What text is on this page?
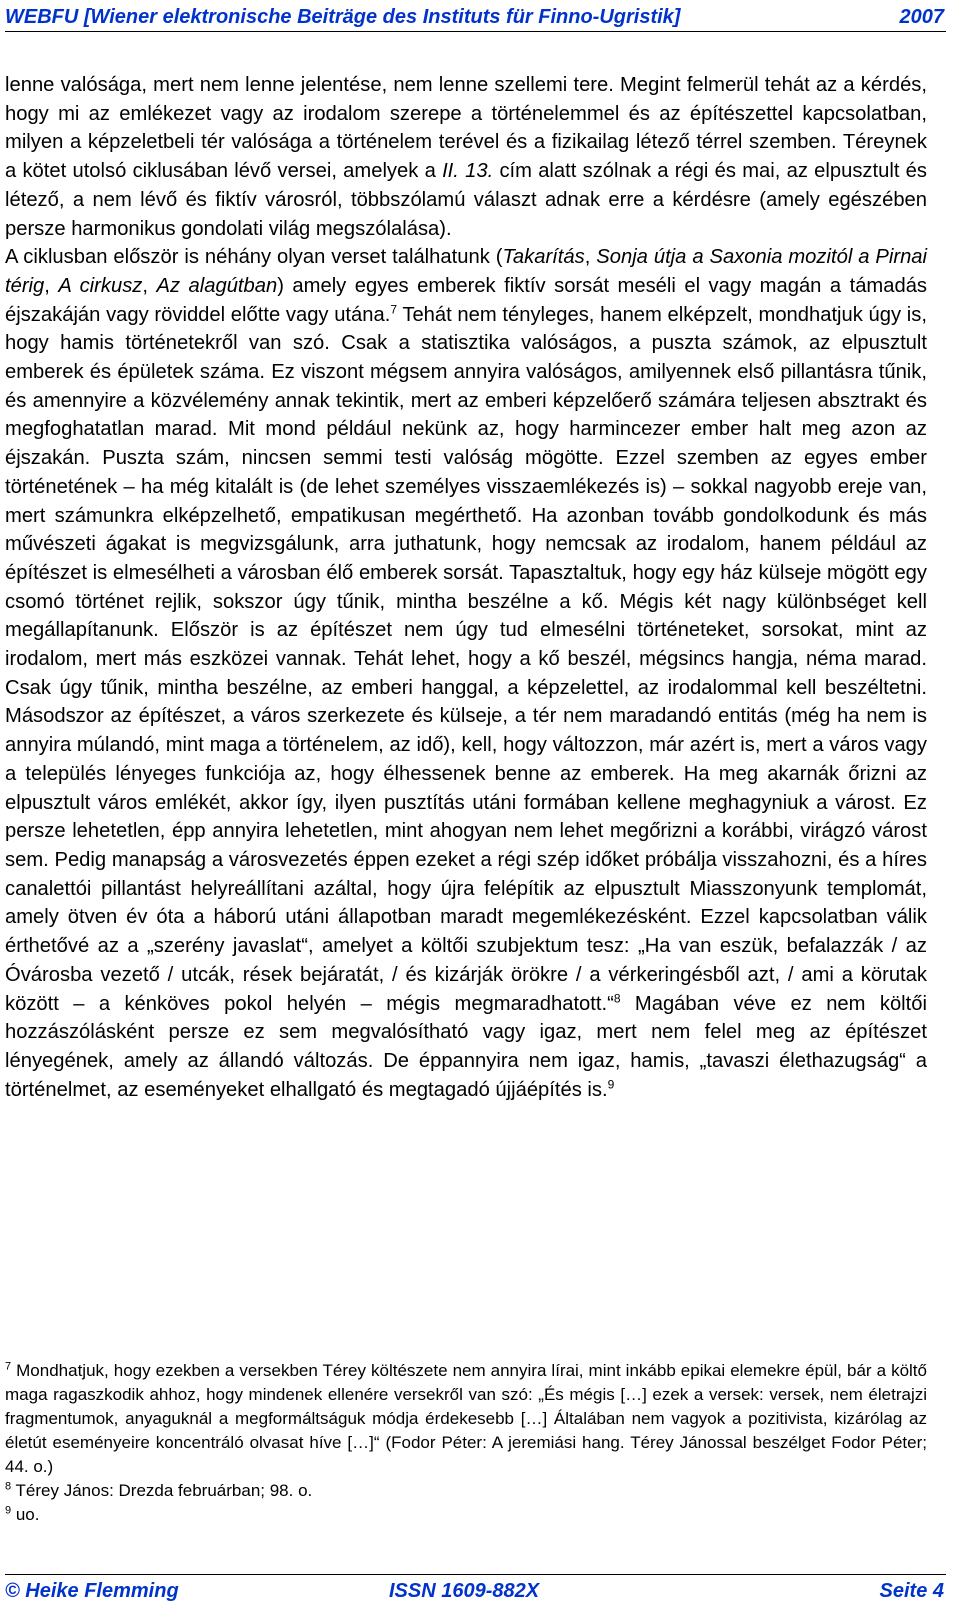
WEBFU [Wiener elektronische Beiträge des Instituts für Finno-Ugristik]	2007

lenne valósága, mert nem lenne jelentése, nem lenne szellemi tere. Megint felmerül tehát az a kérdés, hogy mi az emlékezet vagy az irodalom szerepe a történelemmel és az építészettel kapcsolatban, milyen a képzeletbeli tér valósága a történelem terével és a fizikailag létező térrel szemben. Téreynek a kötet utolsó ciklusában lévő versei, amelyek a II. 13. cím alatt szólnak a régi és mai, az elpusztult és létező, a nem lévő és fiktív városról, többszólamú választ adnak erre a kérdésre (amely egészében persze harmonikus gondolati világ megszólalása).

A ciklusban először is néhány olyan verset találhatunk (Takarítás, Sonja útja a Saxonia mozitól a Pirnai térig, A cirkusz, Az alagútban) amely egyes emberek fiktív sorsát meséli el vagy magán a támadás éjszakáján vagy röviddel előtte vagy utána.$^7$ Tehát nem tényleges, hanem elképzelt, mondhatjuk úgy is, hogy hamis történetekről van szó. Csak a statisztika valóságos, a puszta számok, az elpusztult emberek és épületek száma. Ez viszont mégsem annyira valóságos, amilyennek első pillantásra tűnik, és amennyire a közvélemény annak tekintik, mert az emberi képzelőerő számára teljesen absztrakt és megfoghatatlan marad. Mit mond például nekünk az, hogy harmincezer ember halt meg azon az éjszakán. Puszta szám, nincsen semmi testi valóság mögötte. Ezzel szemben az egyes ember történetének – ha még kitalált is (de lehet személyes visszaemlékezés is) – sokkal nagyobb ereje van, mert számunkra elképzelhető, empatikusan megérthető. Ha azonban tovább gondolkodunk és más művészeti ágakat is megvizsgálunk, arra juthatunk, hogy nemcsak az irodalom, hanem például az építészet is elmesélheti a városban élő emberek sorsát. Tapasztaltuk, hogy egy ház külseje mögött egy csomó történet rejlik, sokszor úgy tűnik, mintha beszélne a kő. Mégis két nagy különbséget kell megállapítanunk. Először is az építészet nem úgy tud elmesélni történeteket, sorsokat, mint az irodalom, mert más eszközei vannak. Tehát lehet, hogy a kő beszél, mégsincs hangja, néma marad. Csak úgy tűnik, mintha beszélne, az emberi hanggal, a képzelettel, az irodalommal kell beszéltetni. Másodszor az építészet, a város szerkezete és külseje, a tér nem maradandó entitás (még ha nem is annyira múlandó, mint maga a történelem, az idő), kell, hogy változzon, már azért is, mert a város vagy a település lényeges funkciója az, hogy élhessenek benne az emberek. Ha meg akarnák őrizni az elpusztult város emlékét, akkor így, ilyen pusztítás utáni formában kellene meghagyniuk a várost. Ez persze lehetetlen, épp annyira lehetetlen, mint ahogyan nem lehet megőrizni a korábbi, virágzó várost sem. Pedig manapság a városvezetés éppen ezeket a régi szép időket próbálja visszahozni, és a híres canalettói pillantást helyreállítani azáltal, hogy újra felépítik az elpusztult Miasszonyunk templomát, amely ötven év óta a háború utáni állapotban maradt megemlékezésként. Ezzel kapcsolatban válik érthetővé az a „szerény javaslat“, amelyet a költői szubjektum tesz: „Ha van eszük, befalazzák / az Óvárosba vezető / utcák, rések bejáratát, / és kizárják örökre / a vérkeringésből azt, / ami a körutak között – a kénköves pokol helyén – mégis megmaradhatott.“$^8$ Magában véve ez nem költői hozzászólásként persze ez sem megvalósítható vagy igaz, mert nem felel meg az építészet lényegének, amely az állandó változás. De éppannyira nem igaz, hamis, „tavaszi élethazugság“ a történelmet, az eseményeket elhallgató és megtagadó újjáépítés is.$^9$

$^7$ Mondhatjuk, hogy ezekben a versekben Térey költészete nem annyira lírai, mint inkább epikai elemekre épül, bár a költő maga ragaszkodik ahhoz, hogy mindenek ellenére versekről van szó: „És mégis […] ezek a versek: versek, nem életrajzi fragmentumok, anyaguknál a megformáltságuk módja érdekesebb […] Általában nem vagyok a pozitivista, kizárólag az életút eseményeire koncentráló olvasat híve […]“ (Fodor Péter: A jeremiási hang. Térey Jánossal beszélget Fodor Péter; 44. o.)

$^8$ Térey János: Drezda februárban; 98. o.

$^9$ uo.

© Heike Flemming	ISSN 1609-882X	Seite 4
